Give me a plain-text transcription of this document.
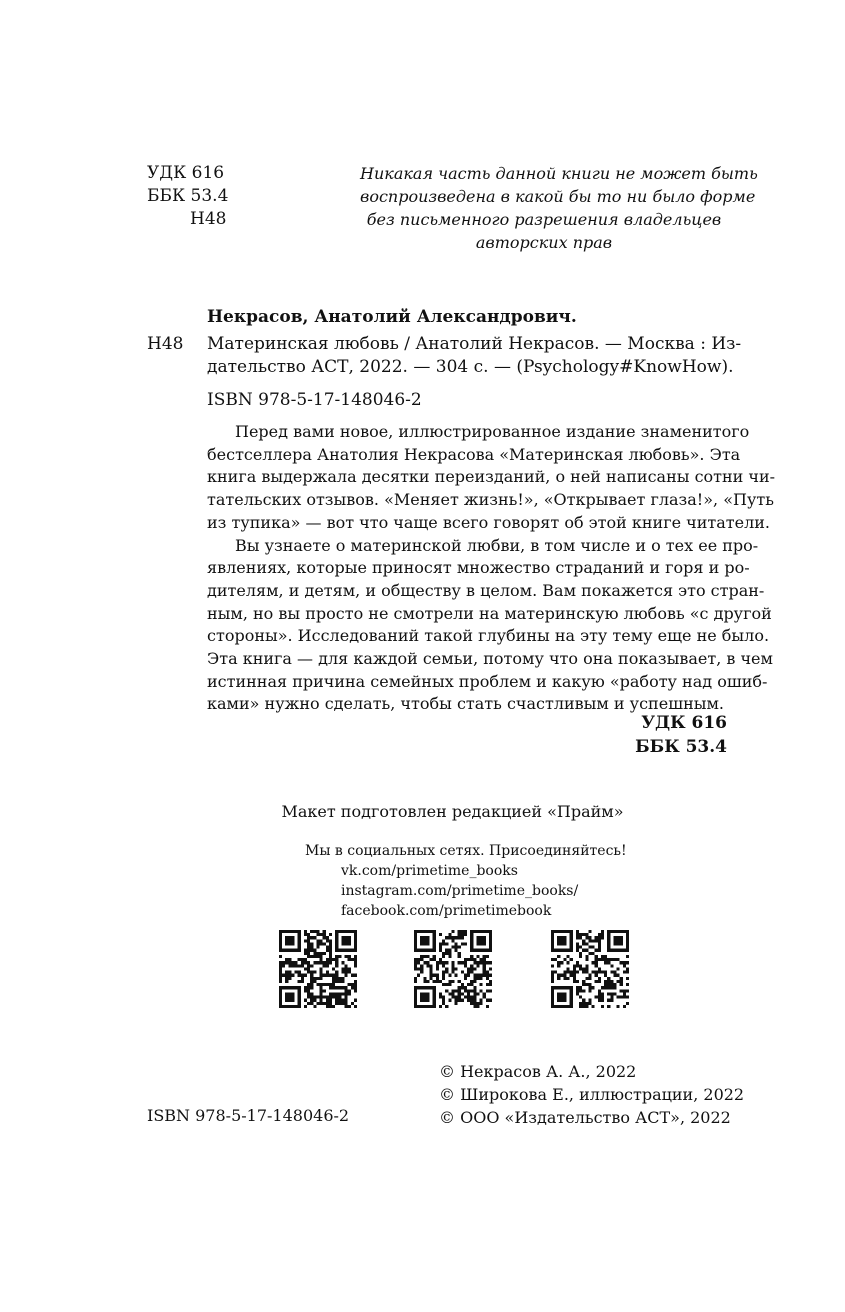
УДК 616
ББК 53.4
Н48
Никакая часть данной книги не может быть
воспроизведена в какой бы то ни было форме
без письменного разрешения владельцев
авторских прав
Некрасов, Анатолий Александрович.
Н48 Материнская любовь / Анатолий Некрасов. — Москва : Из-
дательство АСТ, 2022. — 304 с. — (Psychology#KnowHow).
ISBN 978-5-17-148046-2
Перед вами новое, иллюстрированное издание знаменитого
бестселлера Анатолия Некрасова «Материнская любовь». Эта
книга выдержала десятки переизданий, о ней написаны сотни чи-
тательских отзывов. «Меняет жизнь!», «Открывает глаза!», «Путь
из тупика» — вот что чаще всего говорят об этой книге читатели.
Вы узнаете о материнской любви, в том числе и о тех ее про-
явлениях, которые приносят множество страданий и горя и ро-
дителям, и детям, и обществу в целом. Вам покажется это стран-
ным, но вы просто не смотрели на материнскую любовь «с другой
стороны». Исследований такой глубины на эту тему еще не было.
Эта книга — для каждой семьи, потому что она показывает, в чем
истинная причина семейных проблем и какую «работу над ошиб-
ками» нужно сделать, чтобы стать счастливым и успешным.
УДК 616
ББК 53.4
Макет подготовлен редакцией «Прайм»
Мы в социальных сетях. Присоединяйтесь!
vk.com/primetime_books
instagram.com/primetime_books/
facebook.com/primetimebook
© Некрасов А. А., 2022
© Широкова Е., иллюстрации, 2022
© ООО «Издательство АСТ», 2022
ISBN 978-5-17-148046-2
